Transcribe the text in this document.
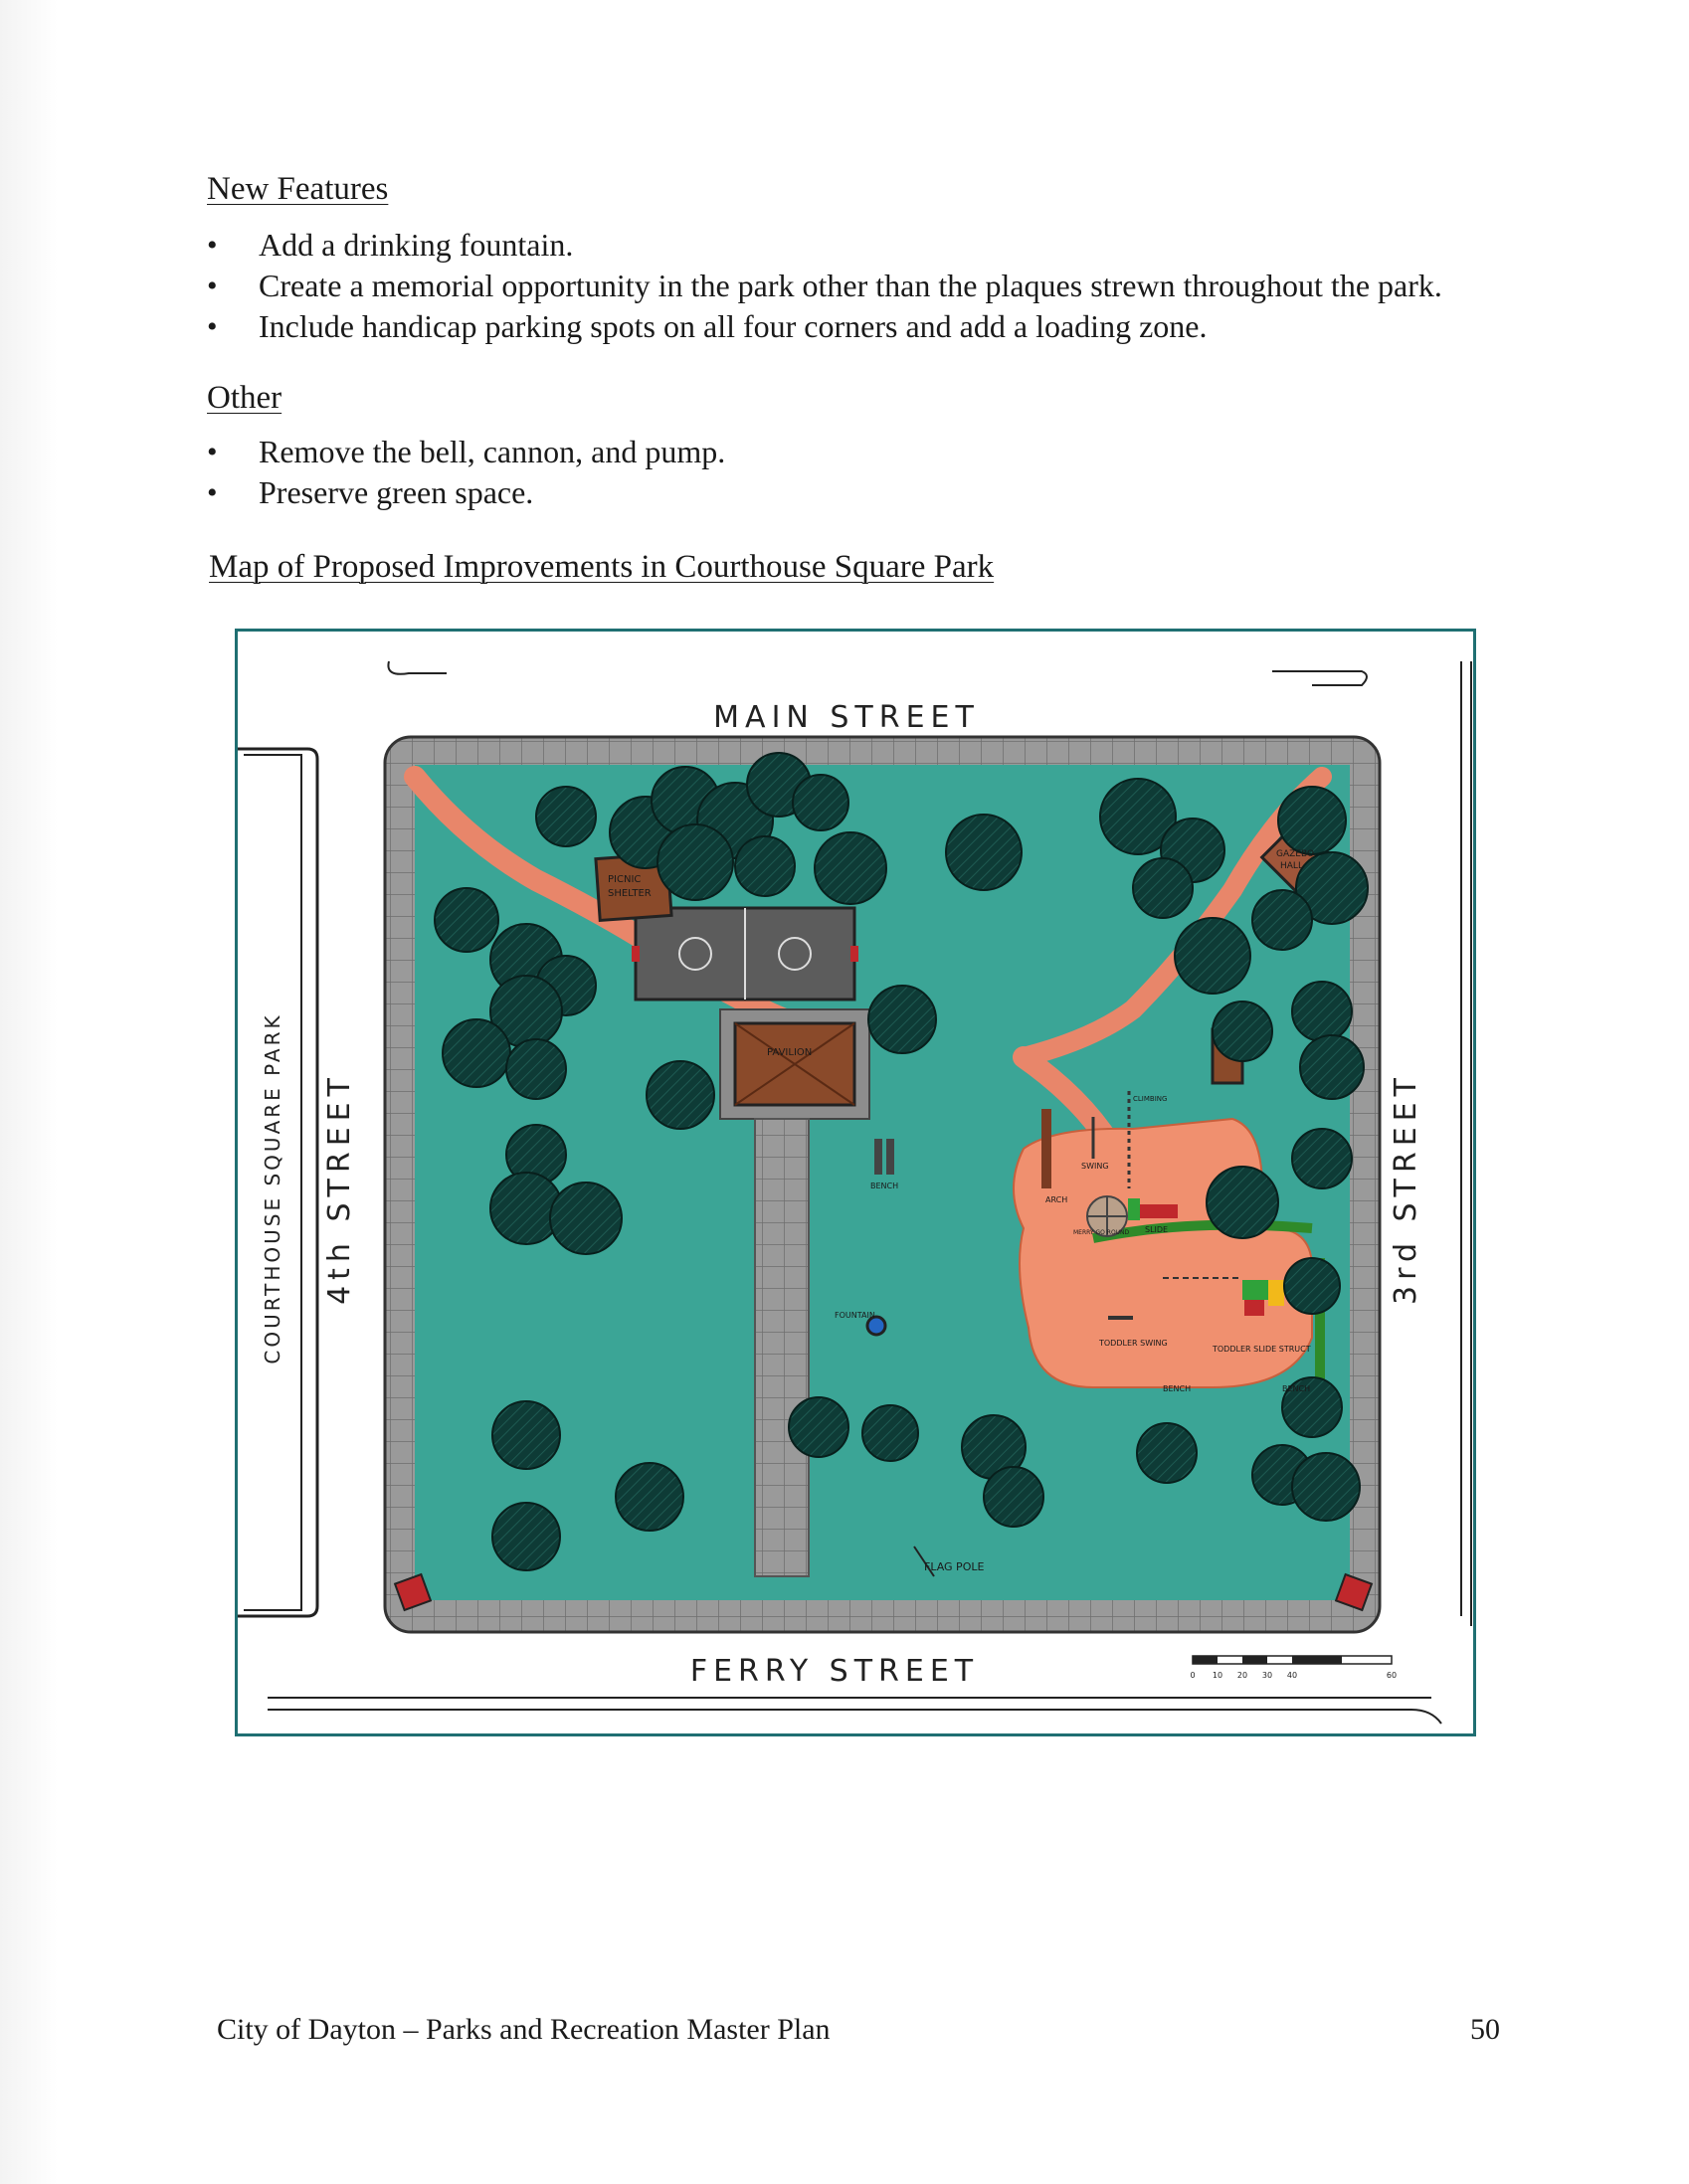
New Features
• Add a drinking fountain.
• Create a memorial opportunity in the park other than the plaques strewn throughout the park.
• Include handicap parking spots on all four corners and add a loading zone.
Other
• Remove the bell, cannon, and pump.
• Preserve green space.
Map of Proposed Improvements in Courthouse Square Park
MAIN STREET
FERRY STREET
4th STREET
COURTHOUSE SQUARE PARK	3rd STREET
PICNIC
SHELTER
PAVILION
GAZEBO
HALL
BENCH
FOUNTAIN
FLAG POLE
TODDLER SWING
TODDLER SLIDE STRUCT
BENCH	BENCH
SLIDE
ARCH
SWING
MERRY GO ROUND
CLIMBING
0 10 20 30 40	60
City of Dayton – Parks and Recreation Master Plan	50
